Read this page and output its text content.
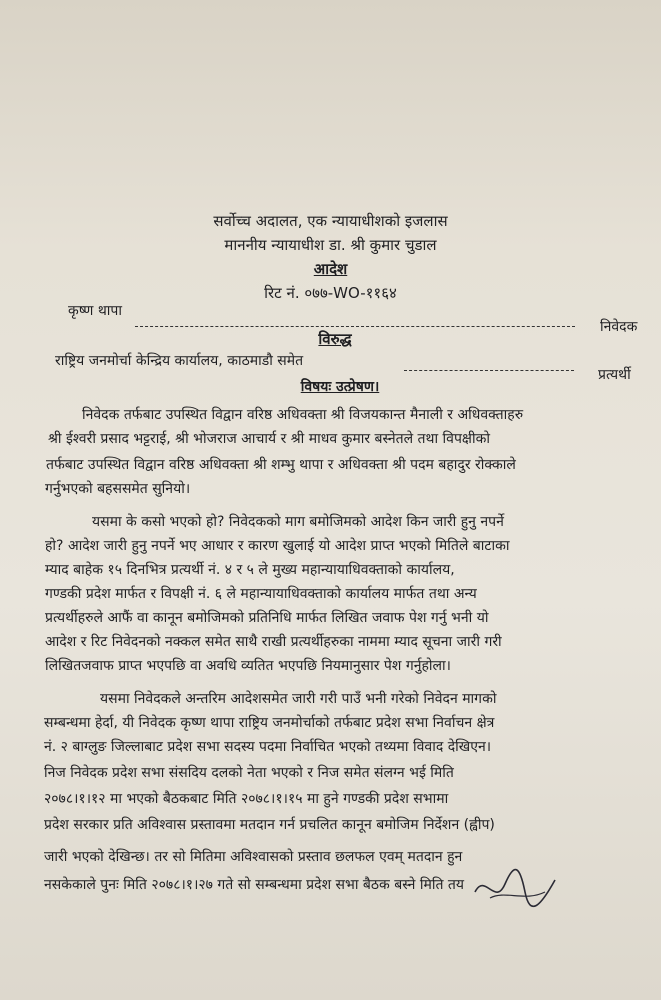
सर्वोच्च अदालत, एक न्यायाधीशको इजलास
माननीय न्यायाधीश डा. श्री कुमार चुडाल
आदेश
रिट नं. ०७७-WO-११६४
कृष्ण थापा
निवेदक
विरुद्ध
राष्ट्रिय जनमोर्चा केन्द्रिय कार्यालय, काठमाडौ समेत
प्रत्यर्थी
विषयः उत्प्रेषण।
निवेदक तर्फबाट उपस्थित विद्वान वरिष्ठ अधिवक्ता श्री विजयकान्त मैनाली र अधिवक्ताहरु
श्री ईश्वरी प्रसाद भट्टराई, श्री भोजराज आचार्य र श्री माधव कुमार बस्नेतले तथा विपक्षीको
तर्फबाट उपस्थित विद्वान वरिष्ठ अधिवक्ता श्री शम्भु थापा र अधिवक्ता श्री पदम बहादुर रोक्काले
गर्नुभएको बहससमेत सुनियो।
यसमा के कसो भएको हो? निवेदकको माग बमोजिमको आदेश किन जारी हुनु नपर्ने
हो? आदेश जारी हुनु नपर्ने भए आधार र कारण खुलाई यो आदेश प्राप्त भएको मितिले बाटाका
म्याद बाहेक १५ दिनभित्र प्रत्यर्थी नं. ४ र ५ ले मुख्य महान्यायाधिवक्ताको कार्यालय,
गण्डकी प्रदेश मार्फत र विपक्षी नं. ६ ले महान्यायाधिवक्ताको कार्यालय मार्फत तथा अन्य
प्रत्यर्थीहरुले आफैं वा कानून बमोजिमको प्रतिनिधि मार्फत लिखित जवाफ पेश गर्नु भनी यो
आदेश र रिट निवेदनको नक्कल समेत साथै राखी प्रत्यर्थीहरुका नाममा म्याद सूचना जारी गरी
लिखितजवाफ प्राप्त भएपछि वा अवधि व्यतित भएपछि नियमानुसार पेश गर्नुहोला।
यसमा निवेदकले अन्तरिम आदेशसमेत जारी गरी पाउँ भनी गरेको निवेदन मागको
सम्बन्धमा हेर्दा, यी निवेदक कृष्ण थापा राष्ट्रिय जनमोर्चाको तर्फबाट प्रदेश सभा निर्वाचन क्षेत्र
नं. २ बाग्लुङ जिल्लाबाट प्रदेश सभा सदस्य पदमा निर्वाचित भएको तथ्यमा विवाद देखिएन।
निज निवेदक प्रदेश सभा संसदिय दलको नेता भएको र निज समेत संलग्न भई मिति
२०७८।१।१२ मा भएको बैठकबाट मिति २०७८।१।१५ मा हुने गण्डकी प्रदेश सभामा
प्रदेश सरकार प्रति अविश्वास प्रस्तावमा मतदान गर्न प्रचलित कानून बमोजिम निर्देशन (ह्वीप)
जारी भएको देखिन्छ। तर सो मितिमा अविश्वासको प्रस्ताव छलफल एवम् मतदान हुन
नसकेकाले पुनः मिति २०७८।१।२७ गते सो सम्बन्धमा प्रदेश सभा बैठक बस्ने मिति तय
